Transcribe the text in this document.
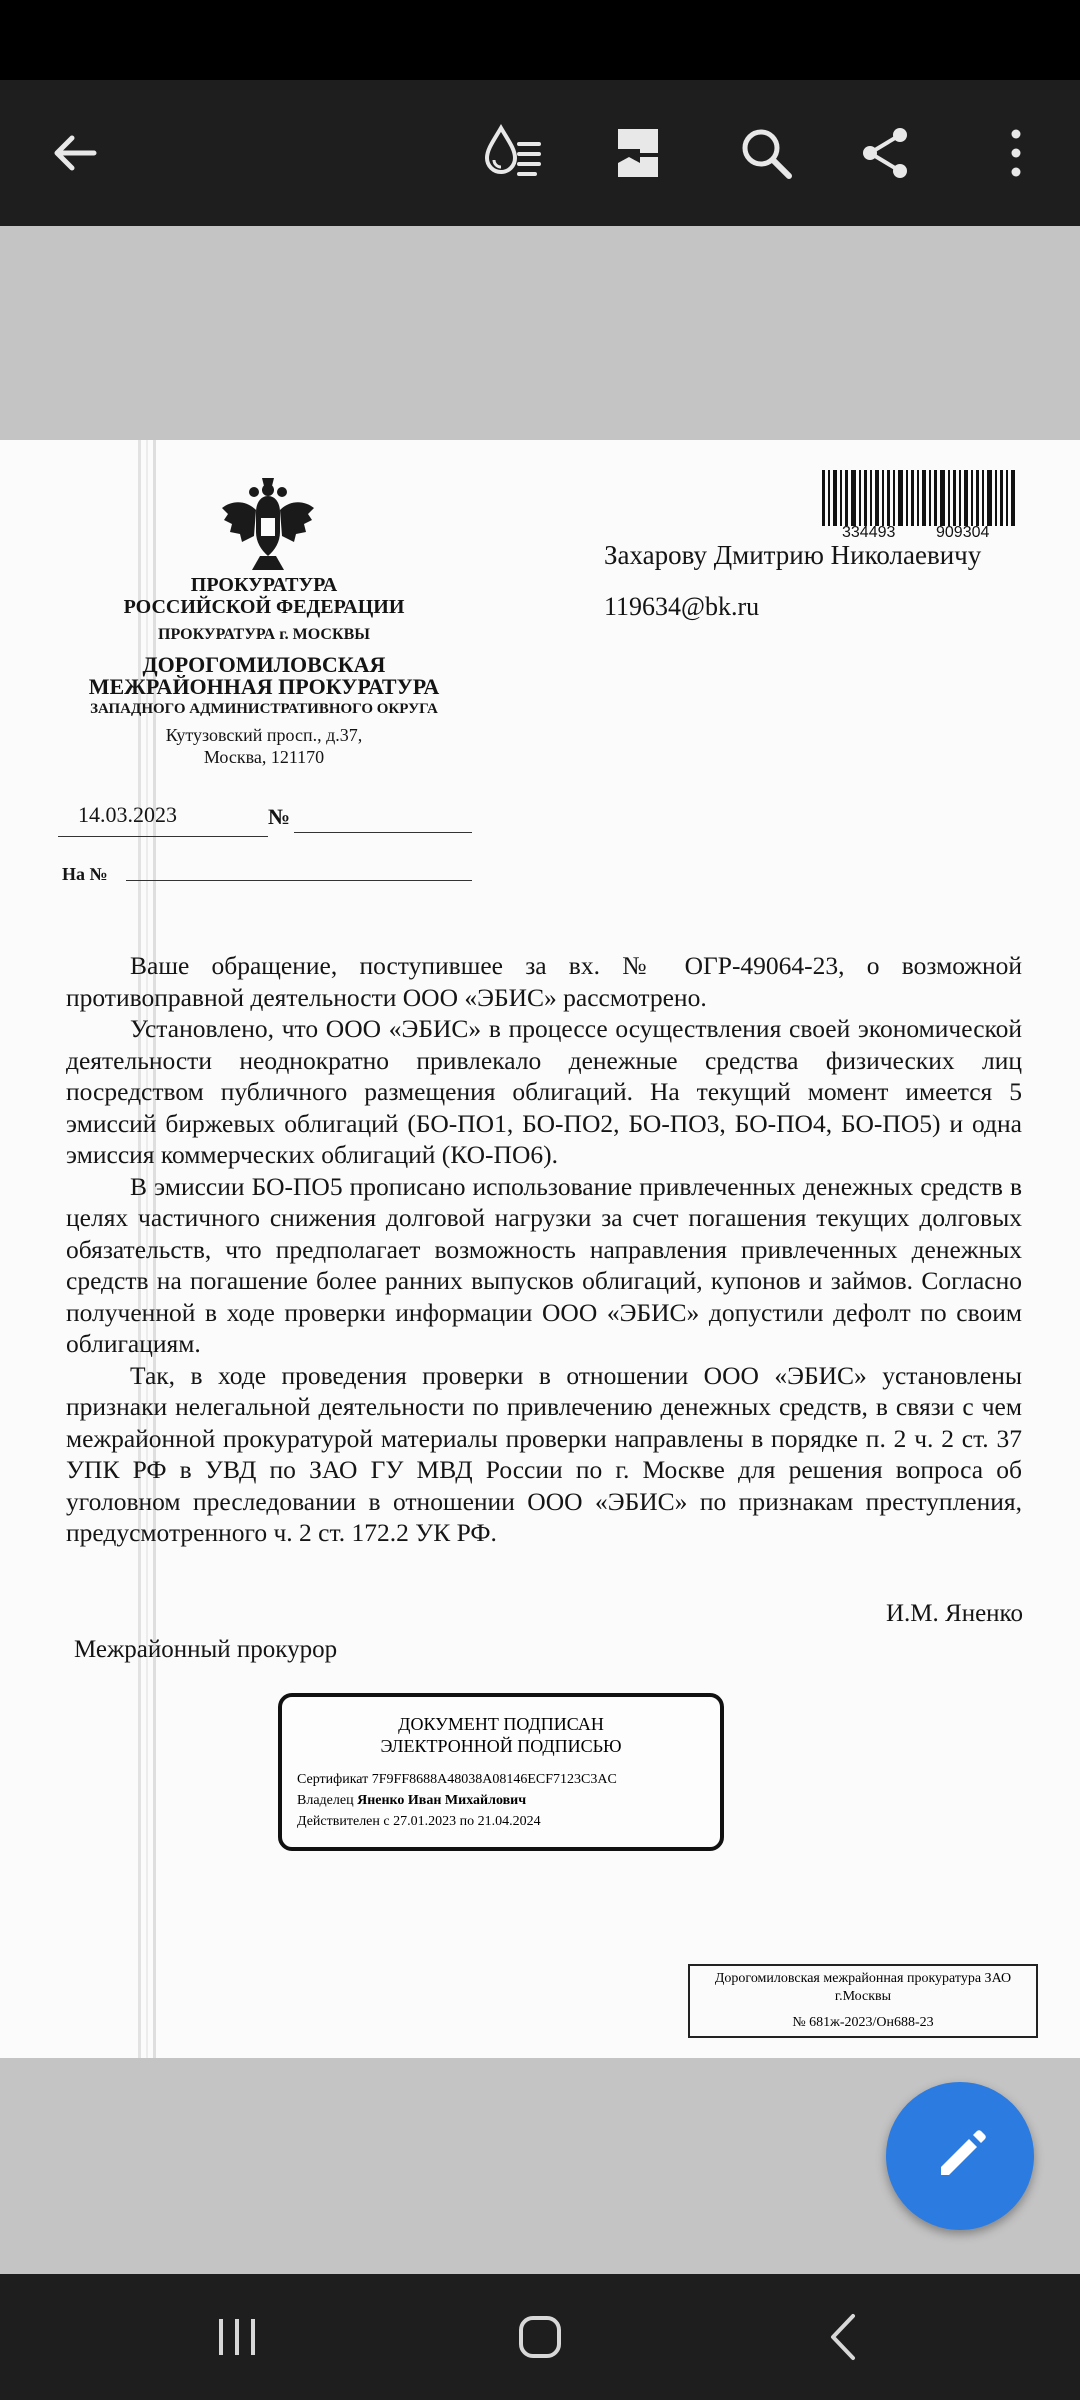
334493	909304
Захарову Дмитрию Николаевичу
119634@bk.ru
ПРОКУРАТУРА
РОССИЙСКОЙ ФЕДЕРАЦИИ
ПРОКУРАТУРА г. МОСКВЫ
ДОРОГОМИЛОВСКАЯ
МЕЖРАЙОННАЯ ПРОКУРАТУРА
ЗАПАДНОГО АДМИНИСТРАТИВНОГО ОКРУГА
Кутузовский просп., д.37,
Москва, 121170
14.03.2023	№
На №

Ваше обращение, поступившее за вх. № ОГР-49064-23, о возможной противоправной деятельности ООО «ЭБИС» рассмотрено.

Установлено, что ООО «ЭБИС» в процессе осуществления своей экономической деятельности неоднократно привлекало денежные средства физических лиц посредством публичного размещения облигаций. На текущий момент имеется 5 эмиссий биржевых облигаций (БО-ПО1, БО-ПО2, БО-ПО3, БО-ПО4, БО-ПО5) и одна эмиссия коммерческих облигаций (КО-ПО6).

В эмиссии БО-ПО5 прописано использование привлеченных денежных средств в целях частичного снижения долговой нагрузки за счет погашения текущих долговых обязательств, что предполагает возможность направления привлеченных денежных средств на погашение более ранних выпусков облигаций, купонов и займов. Согласно полученной в ходе проверки информации ООО «ЭБИС» допустили дефолт по своим облигациям.

Так, в ходе проведения проверки в отношении ООО «ЭБИС» установлены признаки нелегальной деятельности по привлечению денежных средств, в связи с чем межрайонной прокуратурой материалы проверки направлены в порядке п. 2 ч. 2 ст. 37 УПК РФ в УВД по ЗАО ГУ МВД России по г. Москве для решения вопроса об уголовном преследовании в отношении ООО «ЭБИС» по признакам преступления, предусмотренного ч. 2 ст. 172.2 УК РФ.

И.М. Яненко
Межрайонный прокурор
ДОКУМЕНТ ПОДПИСАН
ЭЛЕКТРОННОЙ ПОДПИСЬЮ
Сертификат 7F9FF8688A48038A08146ECF7123C3AC
Владелец Яненко Иван Михайлович
Действителен с 27.01.2023 по 21.04.2024
Дорогомиловская межрайонная прокуратура ЗАО
г.Москвы
№ 681ж-2023/Он688-23
